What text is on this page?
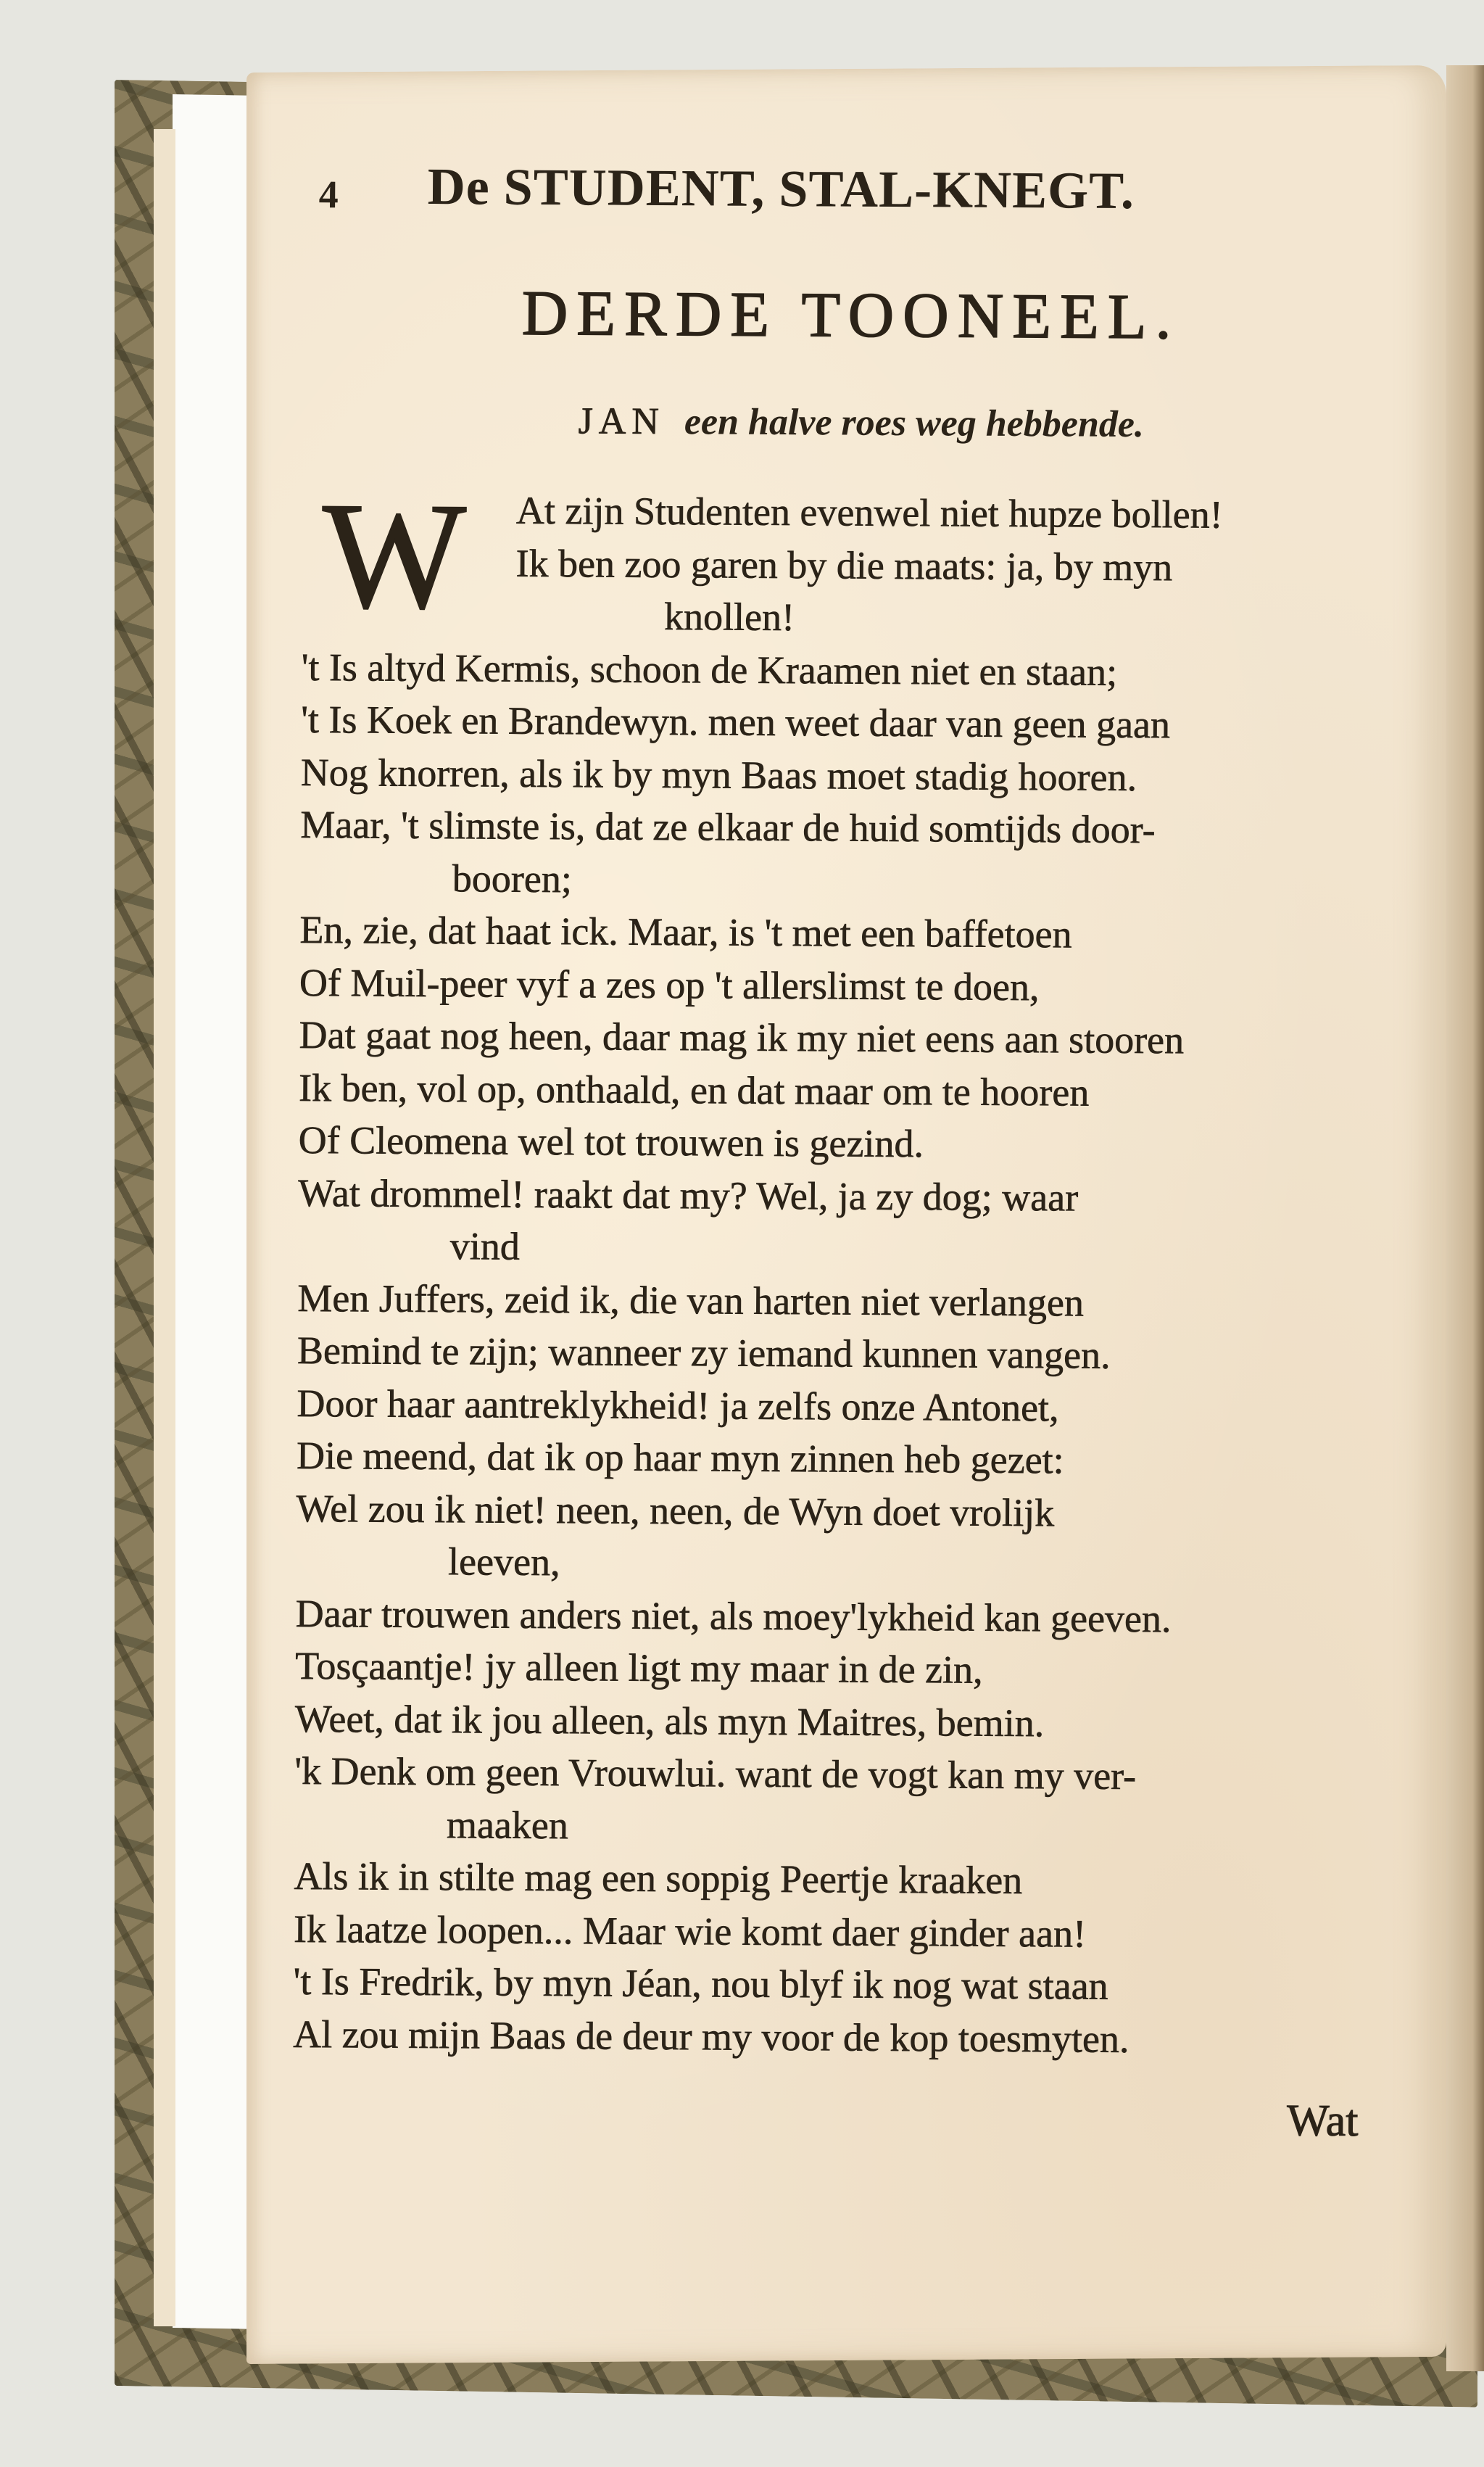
4 De STUDENT, STAL-KNEGT.
DERDE TOONEEL.
JAN een halve roes weg hebbende.
W	At zijn Studenten evenwel niet hupze bollen!
Ik ben zoo garen by die maats: ja, by myn
knollen!
't Is altyd Kermis, schoon de Kraamen niet en staan;
't Is Koek en Brandewyn. men weet daar van geen gaan
Nog knorren, als ik by myn Baas moet stadig hooren.
Maar, 't slimste is, dat ze elkaar de huid somtijds door-
booren;
En, zie, dat haat ick. Maar, is 't met een baffetoen
Of Muil-peer vyf a zes op 't allerslimst te doen,
Dat gaat nog heen, daar mag ik my niet eens aan stooren
Ik ben, vol op, onthaald, en dat maar om te hooren
Of Cleomena wel tot trouwen is gezind.
Wat drommel! raakt dat my? Wel, ja zy dog; waar
vind
Men Juffers, zeid ik, die van harten niet verlangen
Bemind te zijn; wanneer zy iemand kunnen vangen.
Door haar aantreklykheid! ja zelfs onze Antonet,
Die meend, dat ik op haar myn zinnen heb gezet:
Wel zou ik niet! neen, neen, de Wyn doet vrolijk
leeven,
Daar trouwen anders niet, als moey'lykheid kan geeven.
Tosçaantje! jy alleen ligt my maar in de zin,
Weet, dat ik jou alleen, als myn Maitres, bemin.
'k Denk om geen Vrouwlui. want de vogt kan my ver-
maaken
Als ik in stilte mag een soppig Peertje kraaken
Ik laatze loopen... Maar wie komt daer ginder aan!
't Is Fredrik, by myn Jéan, nou blyf ik nog wat staan
Al zou mijn Baas de deur my voor de kop toesmyten.
Wat
